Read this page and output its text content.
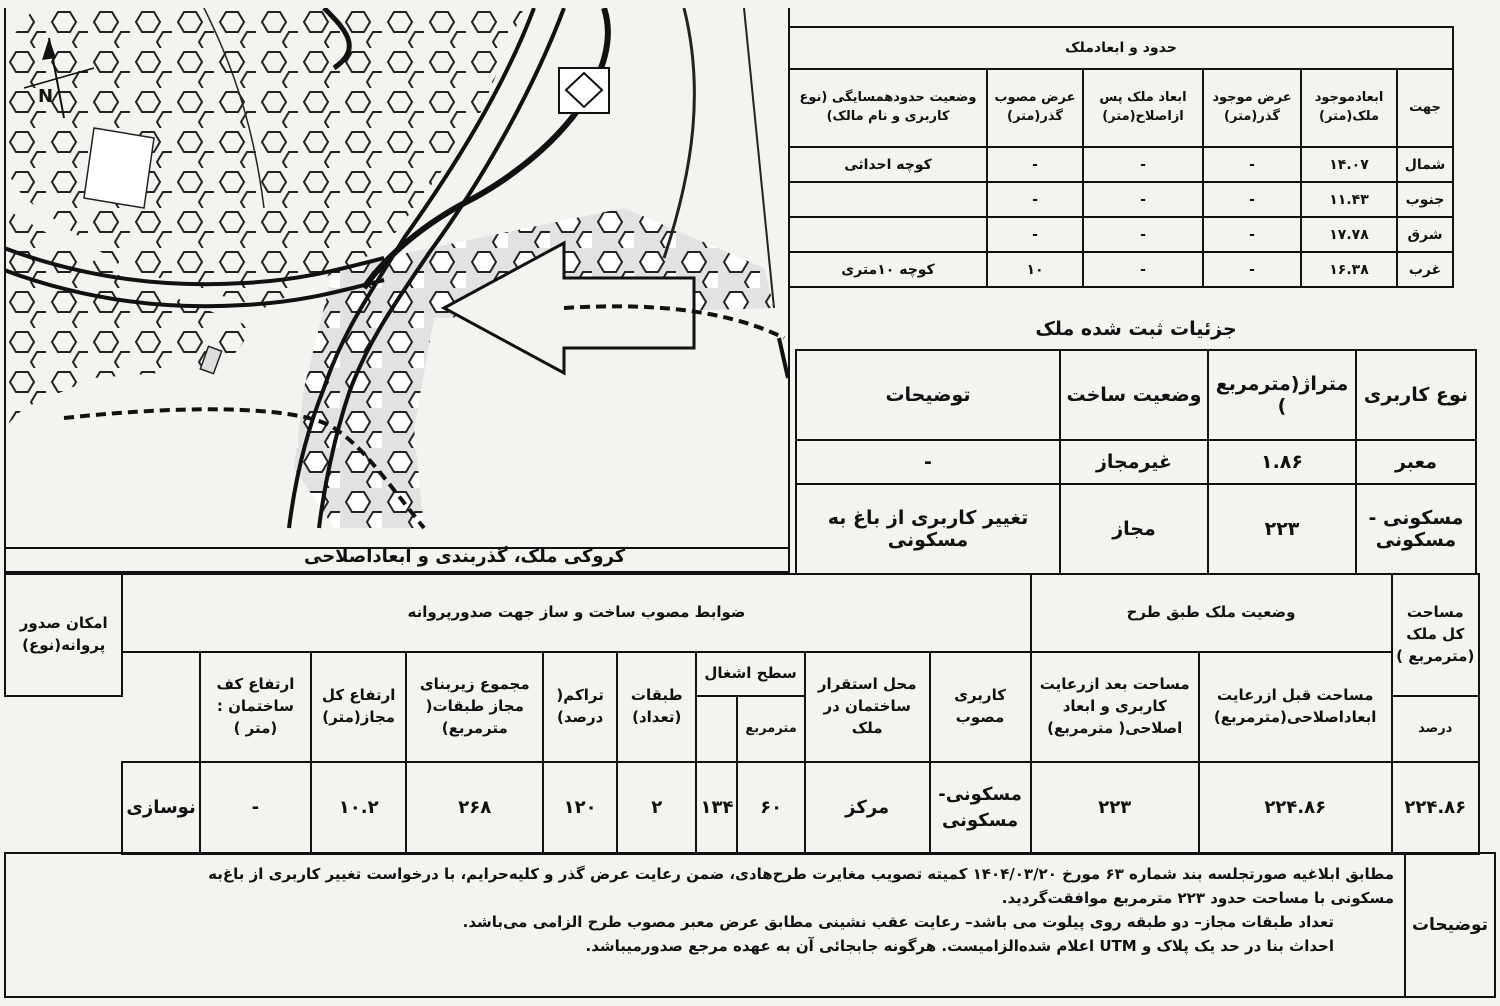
N
کروکی ملک، گذربندی و ابعاداصلاحی
حدود و ابعادملک					
جهت	ابعادموجود ملک(متر)	عرض موجود گذر(متر)	ابعاد ملک پس ازاصلاح(متر)	عرض مصوب گذر(متر)	وضعیت حدودهمسایگی (نوع کاربری و نام مالک)
شمال	۱۴.۰۷	-	-	-	کوچه احداثی
جنوب	۱۱.۴۳	-	-	-	
شرق	۱۷.۷۸	-	-	-	
غرب	۱۶.۳۸	-	-	۱۰	کوچه ۱۰متری
جزئیات ثبت شده ملک			
نوع کاربری	متراژ(مترمربع )	وضعیت ساخت	توضیحات
معبر	۱.۸۶	غیرمجاز	-
مسکونی - مسکونی	۲۲۳	مجاز	تغییر کاربری از باغ به مسکونی
مساحت کل ملک (مترمربع )	وضعیت ملک طبق طرح		ضوابط مصوب ساخت و ساز جهت صدورپروانه										امکان صدور پروانه(نوع)
	مساحت قبل ازرعایت ابعاداصلاحی(مترمربع)	مساحت بعد ازرعایت کاربری و ابعاد اصلاحی( مترمربع)	کاربری مصوب	محل استقرار ساختمان در ملک	سطح اشغال		طبقات (تعداد)	تراکم( درصد)	مجموع زیربنای مجاز طبقات( مترمربع)	ارتفاع کل مجاز(متر)	ارتفاع کف ساختمان : (متر )		
درصد					مترمربع								
۲۲۴.۸۶	۲۲۴.۸۶	۲۲۳	مسکونی- مسکونی	مرکز	۶۰	۱۳۴	۲	۱۲۰	۲۶۸	۱۰.۲	-	نوسازی	
توضیحات
مطابق ابلاغیه صورتجلسه بند شماره ۶۳ مورخ ۱۴۰۴/۰۳/۲۰ کمیته تصویب مغایرت طرح‌هادی، ضمن رعایت عرض گذر و کلیه‌حرایم، با درخواست تغییر کاربری از باغ‌به
مسکونی با مساحت حدود ۲۲۳ مترمربع موافقت‌گردید.
تعداد طبقات مجاز– دو طبقه روی پیلوت می باشد– رعایت عقب نشینی مطابق عرض معبر مصوب طرح الزامی می‌باشد.
احداث بنا در حد یک پلاک و UTM اعلام شده‌الزامیست. هرگونه جابجائی آن به عهده مرجع صدورمیباشد.
